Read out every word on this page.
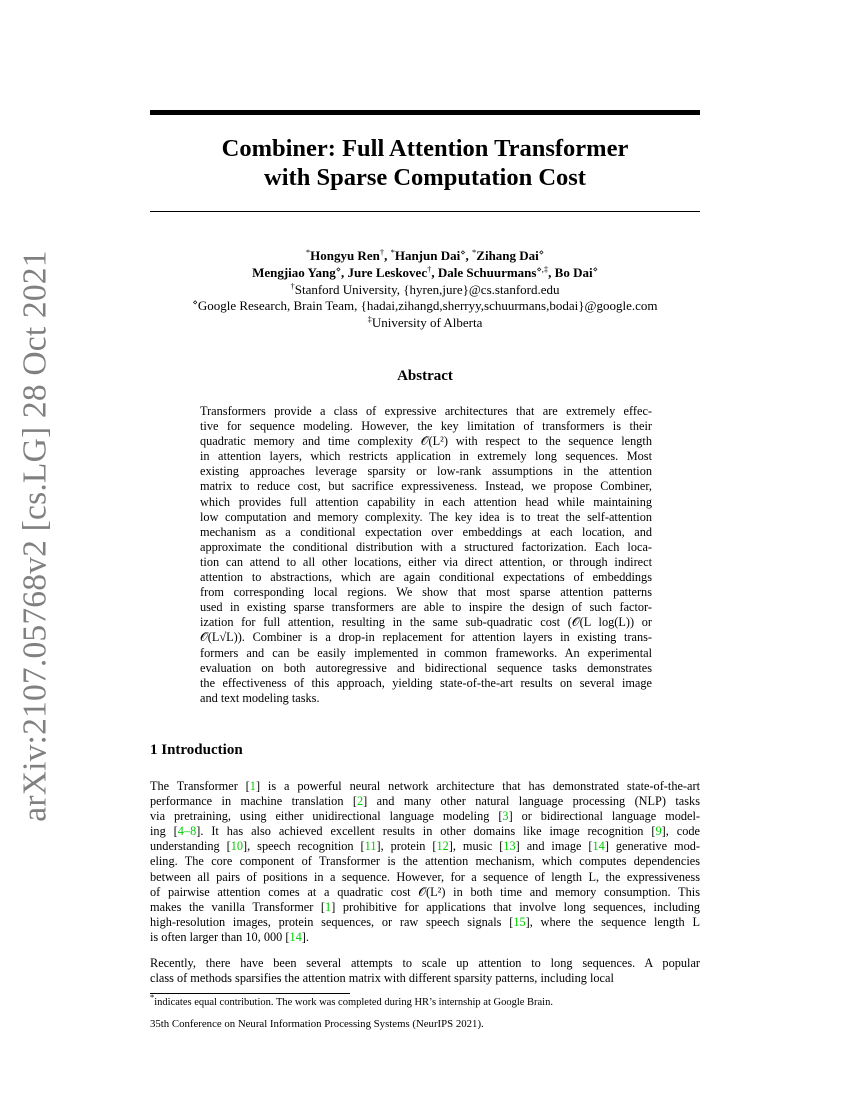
arXiv:2107.05768v2 [cs.LG] 28 Oct 2021
Combiner: Full Attention Transformer
with Sparse Computation Cost
*Hongyu Ren†, *Hanjun Dai⋄, *Zihang Dai⋄
Mengjiao Yang⋄, Jure Leskovec†, Dale Schuurmans⋄,‡, Bo Dai⋄
†Stanford University, {hyren,jure}@cs.stanford.edu
⋄Google Research, Brain Team, {hadai,zihangd,sherryy,schuurmans,bodai}@google.com
‡University of Alberta
Abstract
Transformers provide a class of expressive architectures that are extremely effec-
tive for sequence modeling. However, the key limitation of transformers is their
quadratic memory and time complexity 𝒪(L²) with respect to the sequence length
in attention layers, which restricts application in extremely long sequences. Most
existing approaches leverage sparsity or low-rank assumptions in the attention
matrix to reduce cost, but sacrifice expressiveness. Instead, we propose Combiner,
which provides full attention capability in each attention head while maintaining
low computation and memory complexity. The key idea is to treat the self-attention
mechanism as a conditional expectation over embeddings at each location, and
approximate the conditional distribution with a structured factorization. Each loca-
tion can attend to all other locations, either via direct attention, or through indirect
attention to abstractions, which are again conditional expectations of embeddings
from corresponding local regions. We show that most sparse attention patterns
used in existing sparse transformers are able to inspire the design of such factor-
ization for full attention, resulting in the same sub-quadratic cost (𝒪(L log(L)) or
𝒪(L√L)). Combiner is a drop-in replacement for attention layers in existing trans-
formers and can be easily implemented in common frameworks. An experimental
evaluation on both autoregressive and bidirectional sequence tasks demonstrates
the effectiveness of this approach, yielding state-of-the-art results on several image
and text modeling tasks.
1 Introduction
The Transformer [1] is a powerful neural network architecture that has demonstrated state-of-the-art
performance in machine translation [2] and many other natural language processing (NLP) tasks
via pretraining, using either unidirectional language modeling [3] or bidirectional language model-
ing [4–8]. It has also achieved excellent results in other domains like image recognition [9], code
understanding [10], speech recognition [11], protein [12], music [13] and image [14] generative mod-
eling. The core component of Transformer is the attention mechanism, which computes dependencies
between all pairs of positions in a sequence. However, for a sequence of length L, the expressiveness
of pairwise attention comes at a quadratic cost 𝒪(L²) in both time and memory consumption. This
makes the vanilla Transformer [1] prohibitive for applications that involve long sequences, including
high-resolution images, protein sequences, or raw speech signals [15], where the sequence length L
is often larger than 10, 000 [14].
Recently, there have been several attempts to scale up attention to long sequences. A popular
class of methods sparsifies the attention matrix with different sparsity patterns, including local
*indicates equal contribution. The work was completed during HR’s internship at Google Brain.
35th Conference on Neural Information Processing Systems (NeurIPS 2021).
